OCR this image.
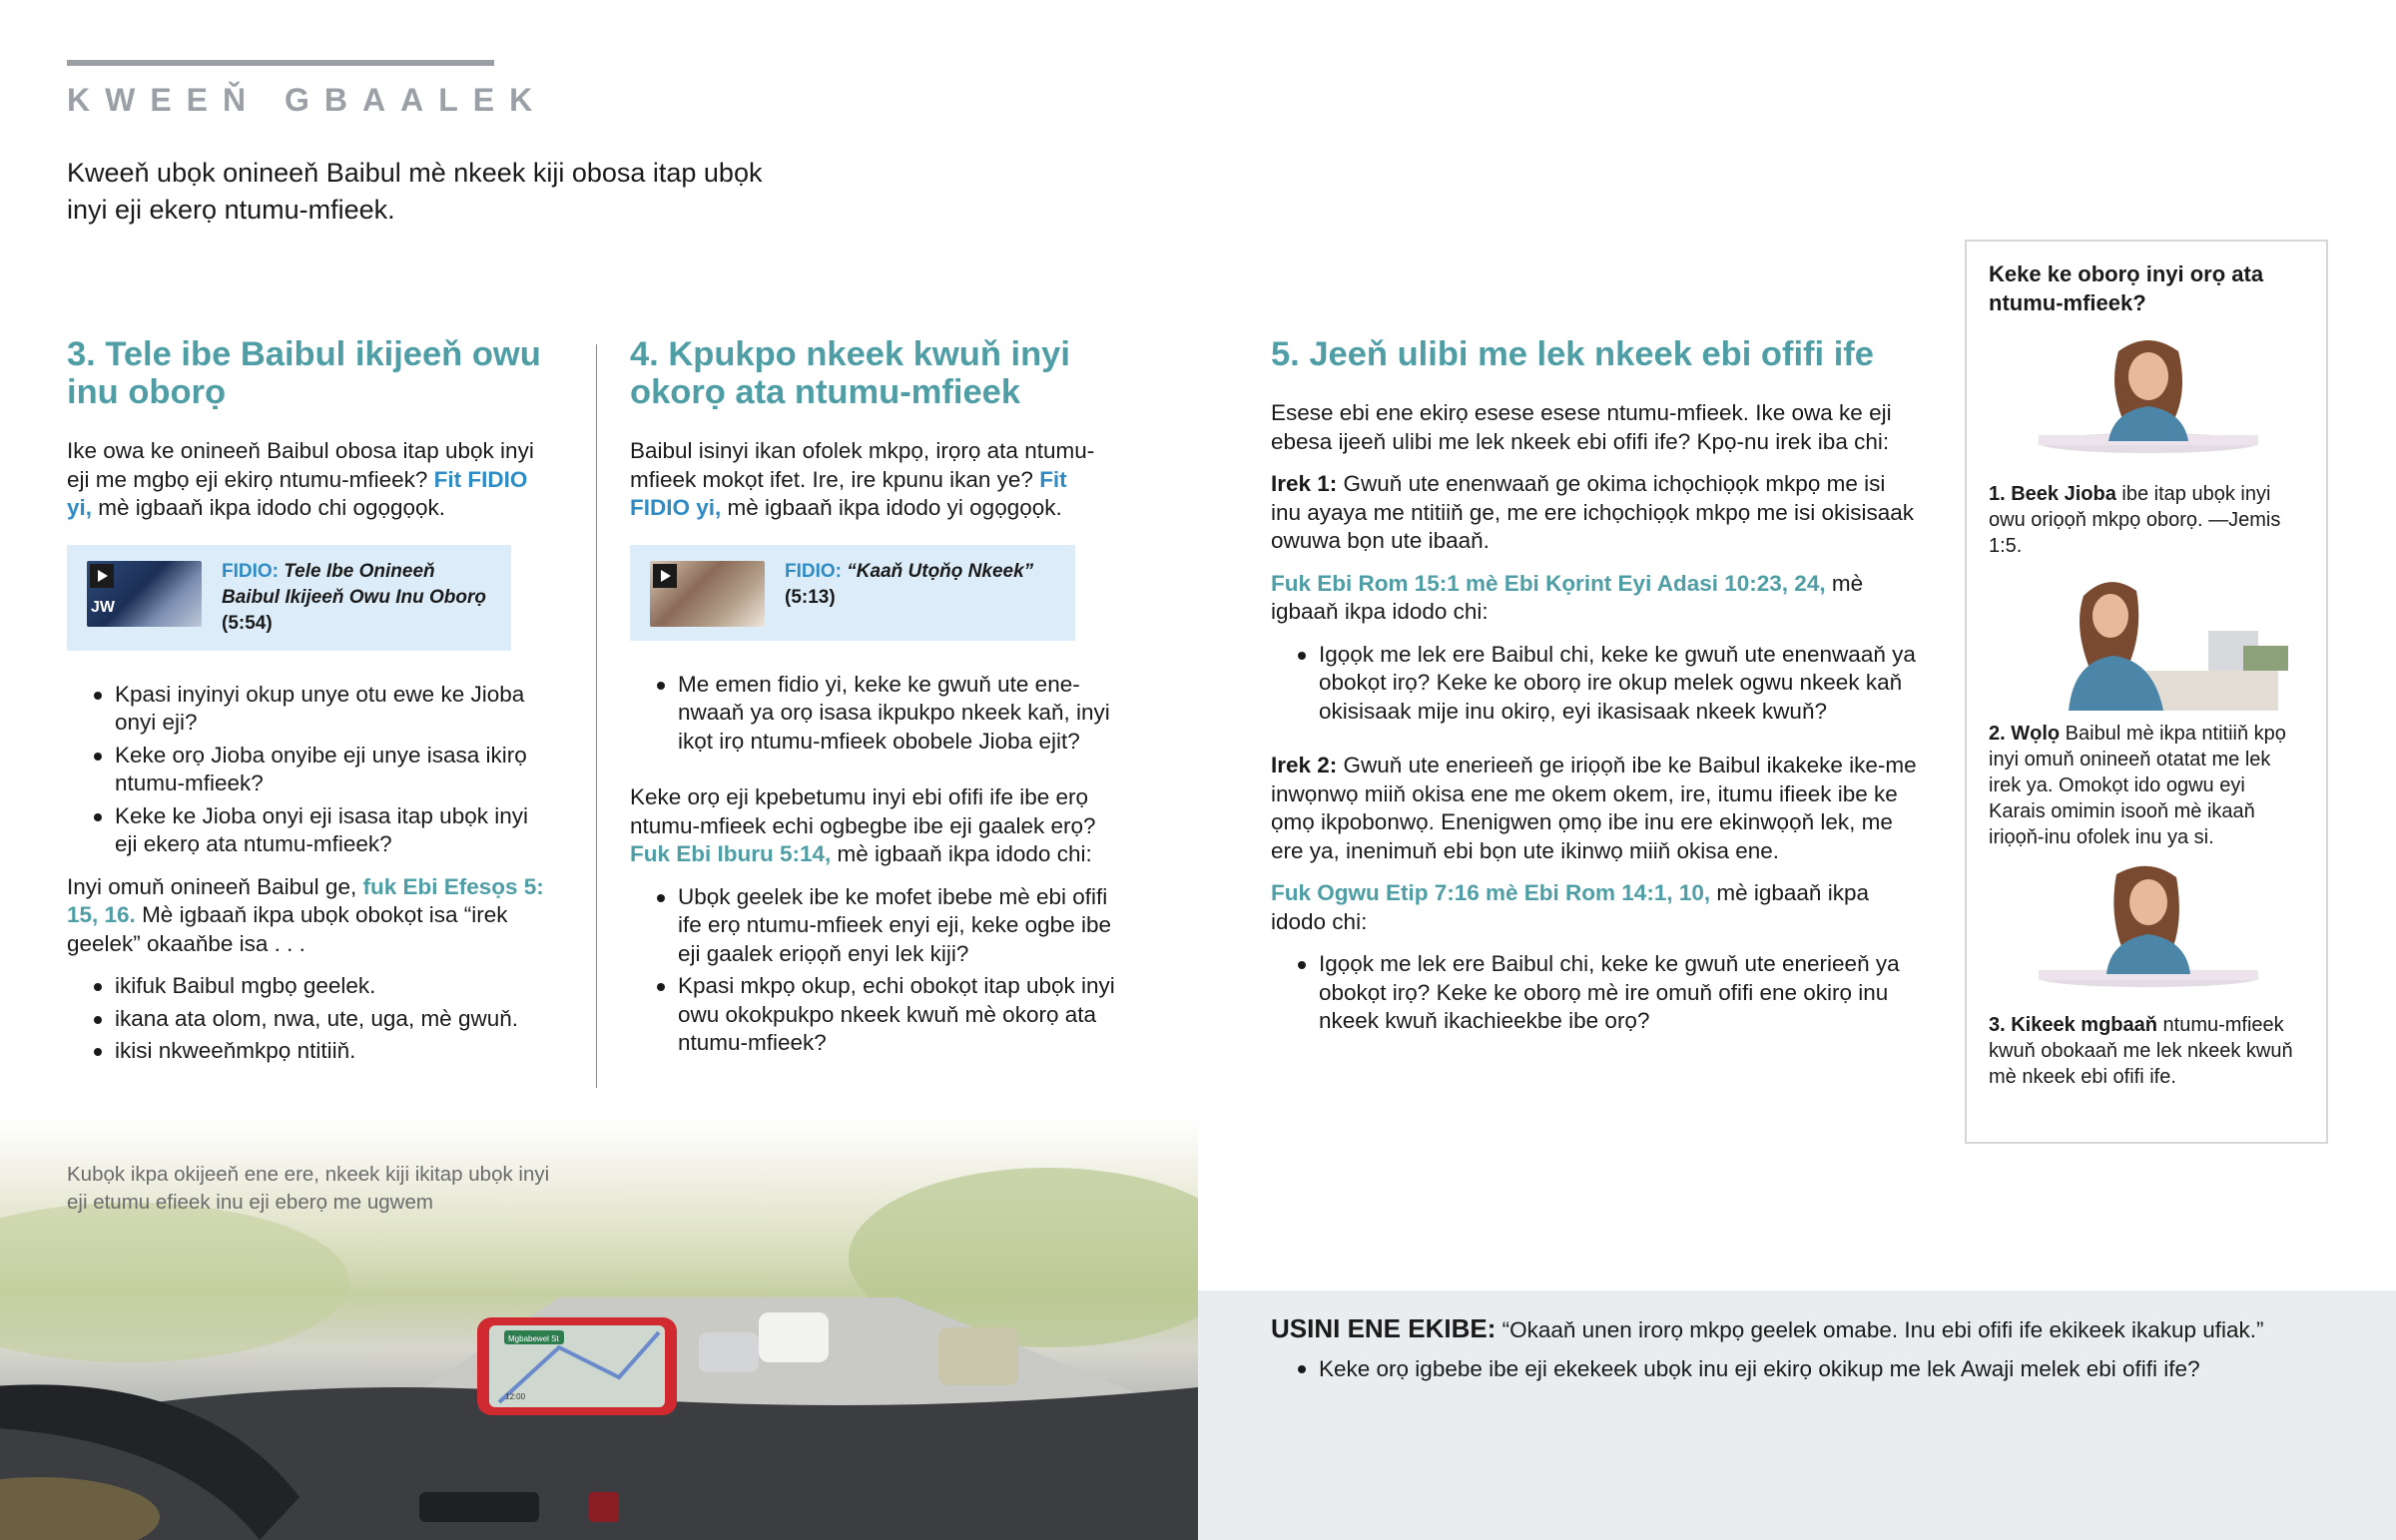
KWEEŇ GBAALEK
Kweeň ubọk onineeň Baibul mè nkeek kiji obosa itap ubọk inyi eji ekerọ ntumu-mfieek.
3. Tele ibe Baibul ikijeeň owu inu oborọ

Ike owa ke onineeň Baibul obosa itap ubọk inyi eji me mgbọ eji ekirọ ntumu-mfieek? Fit FIDIO yi, mè igbaaň ikpa idodo chi ogọgọọk.

JW
FIDIO: Tele Ibe Onineeň Baibul Ikijeeň Owu Inu Oborọ
(5:54)
Kpasi inyinyi okup unye otu ewe ke Jioba onyi eji?
Keke orọ Jioba onyibe eji unye isasa ikirọ ntumu-mfieek?
Keke ke Jioba onyi eji isasa itap ubọk inyi eji ekerọ ata ntumu-mfieek?

Inyi omuň onineeň Baibul ge, fuk Ebi Efesọs 5: 15, 16. Mè igbaaň ikpa ubọk obokọt isa “irek geelek” okaaňbe isa . . .

ikifuk Baibul mgbọ geelek.
ikana ata olom, nwa, ute, uga, mè gwuň.
ikisi nkweeňmkpọ ntitiiň.
4. Kpukpo nkeek kwuň inyi okorọ ata ntumu-mfieek

Baibul isinyi ikan ofolek mkpọ, irọrọ ata ntumu-mfieek mokọt ifet. Ire, ire kpunu ikan ye? Fit FIDIO yi, mè igbaaň ikpa idodo yi ogọgọọk.

FIDIO: “Kaaň Utọňọ Nkeek”
(5:13)
Me emen fidio yi, keke ke gwuň ute ene-nwaaň ya orọ isasa ikpukpo nkeek kaň, inyi ikọt irọ ntumu-mfieek obobele Jioba ejit?

Keke orọ eji kpebetumu inyi ebi ofifi ife ibe erọ ntumu-mfieek echi ogbegbe ibe eji gaalek erọ? Fuk Ebi Iburu 5:14, mè igbaaň ikpa idodo chi:

Ubọk geelek ibe ke mofet ibebe mè ebi ofifi ife erọ ntumu-mfieek enyi eji, keke ogbe ibe eji gaalek eriọọň enyi lek kiji?
Kpasi mkpọ okup, echi obokọt itap ubọk inyi owu okokpukpo nkeek kwuň mè okorọ ata ntumu-mfieek?
5. Jeeň ulibi me lek nkeek ebi ofifi ife

Esese ebi ene ekirọ esese esese ntumu-mfieek. Ike owa ke eji ebesa ijeeň ulibi me lek nkeek ebi ofifi ife? Kpọ-nu irek iba chi:

Irek 1: Gwuň ute enenwaaň ge okima ichọchiọọk mkpọ me isi inu ayaya me ntitiiň ge, me ere ichọchiọọk mkpọ me isi okisisaak owuwa bọn ute ibaaň.

Fuk Ebi Rom 15:1 mè Ebi Kọrint Eyi Adasi 10:23, 24, mè igbaaň ikpa idodo chi:

Igọọk me lek ere Baibul chi, keke ke gwuň ute enenwaaň ya obokọt irọ? Keke ke oborọ ire okup melek ogwu nkeek kaň okisisaak mije inu okirọ, eyi ikasisaak nkeek kwuň?

Irek 2: Gwuň ute enerieeň ge iriọọň ibe ke Baibul ikakeke ike-me inwọnwọ miiň okisa ene me okem okem, ire, itumu ifieek ibe ke ọmọ ikpobonwọ. Enenigwen ọmọ ibe inu ere ekinwọọň lek, me ere ya, inenimuň ebi bọn ute ikinwọ miiň okisa ene.

Fuk Ogwu Etip 7:16 mè Ebi Rom 14:1, 10, mè igbaaň ikpa idodo chi:

Igọọk me lek ere Baibul chi, keke ke gwuň ute enerieeň ya obokọt irọ? Keke ke oborọ mè ire omuň ofifi ene okirọ inu nkeek kwuň ikachieekbe ibe orọ?
Keke ke oborọ inyi orọ ata ntumu-mfieek?

1. Beek Jioba ibe itap ubọk inyi owu oriọọň mkpọ oborọ. —Jemis 1:5.

2. Wọlọ Baibul mè ikpa ntitiiň kpọ inyi omuň onineeň otatat me lek irek ya. Omokọt ido ogwu eyi Karais omimin isooň mè ikaaň iriọọň-inu ofolek inu ya si.

3. Kikeek mgbaaň ntumu-mfieek kwuň obokaaň me lek nkeek kwuň mè nkeek ebi ofifi ife.

Mgbabewel St
12:00
Kubọk ikpa okijeeň ene ere, nkeek kiji ikitap ubọk inyi eji etumu efieek inu eji eberọ me ugwem
USINI ENE EKIBE: “Okaaň unen irorọ mkpọ geelek omabe. Inu ebi ofifi ife ekikeek ikakup ufiak.”
Keke orọ igbebe ibe eji ekekeek ubọk inu eji ekirọ okikup me lek Awaji melek ebi ofifi ife?
